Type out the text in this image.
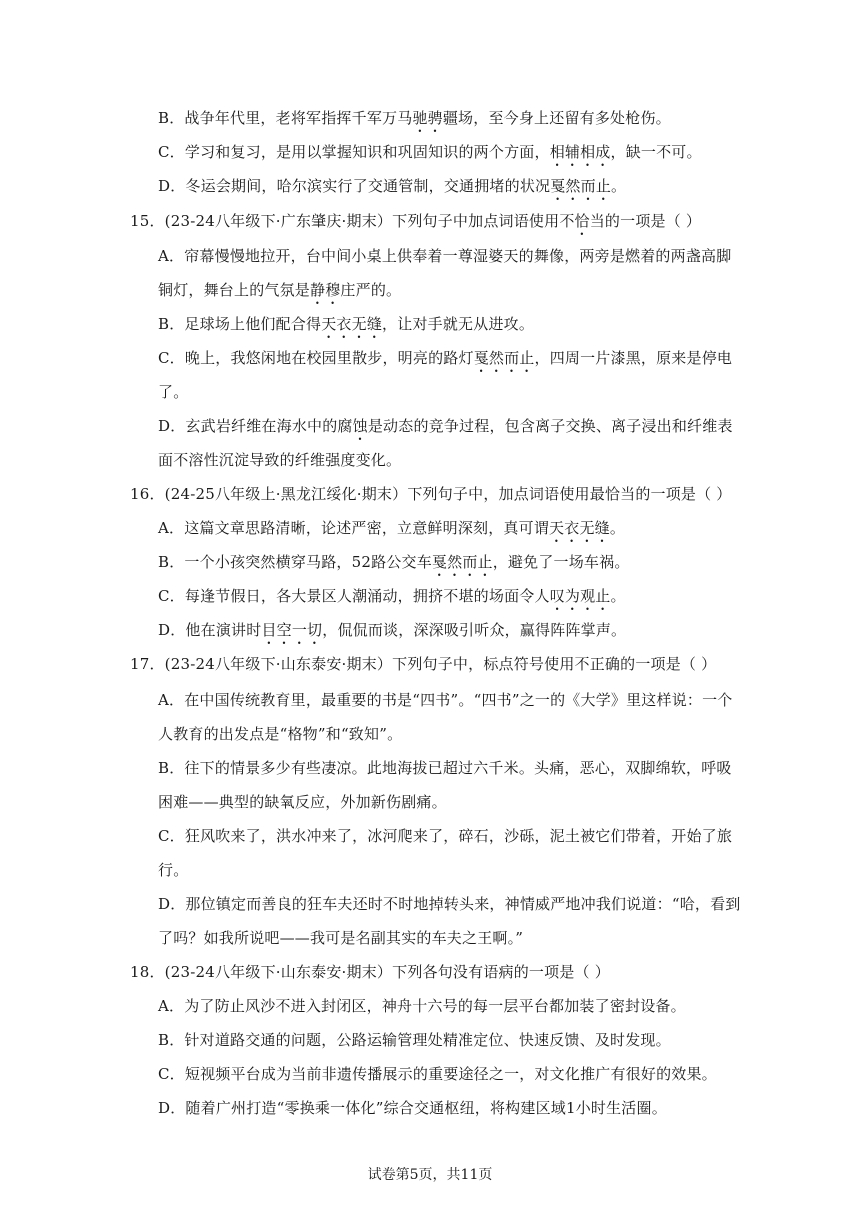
B．战争年代里，老将军指挥千军万马驰骋疆场，至今身上还留有多处枪伤。
C．学习和复习，是用以掌握知识和巩固知识的两个方面，相辅相成，缺一不可。
D．冬运会期间，哈尔滨实行了交通管制，交通拥堵的状况戛然而止。
15．(23-24八年级下·广东肇庆·期末）下列句子中加点词语使用不恰当的一项是（ ）
A．帘幕慢慢地拉开，台中间小桌上供奉着一尊湿婆天的舞像，两旁是燃着的两盏高脚
铜灯，舞台上的气氛是静穆庄严的。
B．足球场上他们配合得天衣无缝，让对手就无从进攻。
C．晚上，我悠闲地在校园里散步，明亮的路灯戛然而止，四周一片漆黑，原来是停电
了。
D．玄武岩纤维在海水中的腐蚀是动态的竞争过程，包含离子交换、离子浸出和纤维表
面不溶性沉淀导致的纤维强度变化。
16．(24-25八年级上·黑龙江绥化·期末）下列句子中，加点词语使用最恰当的一项是（ ）
A．这篇文章思路清晰，论述严密，立意鲜明深刻，真可谓天衣无缝。
B．一个小孩突然横穿马路，52路公交车戛然而止，避免了一场车祸。
C．每逢节假日，各大景区人潮涌动，拥挤不堪的场面令人叹为观止。
D．他在演讲时目空一切，侃侃而谈，深深吸引听众，赢得阵阵掌声。
17．(23-24八年级下·山东泰安·期末）下列句子中，标点符号使用不正确的一项是（ ）
A．在中国传统教育里，最重要的书是“四书”。“四书”之一的《大学》里这样说：一个
人教育的出发点是“格物”和“致知”。
B．往下的情景多少有些凄凉。此地海拔已超过六千米。头痛，恶心，双脚绵软，呼吸
困难——典型的缺氧反应，外加新伤剧痛。
C．狂风吹来了，洪水冲来了，冰河爬来了，碎石，沙砾，泥土被它们带着，开始了旅
行。
D．那位镇定而善良的狂车夫还时不时地掉转头来，神情威严地冲我们说道：“哈，看到
了吗？如我所说吧——我可是名副其实的车夫之王啊。”
18．(23-24八年级下·山东泰安·期末）下列各句没有语病的一项是（ ）
A．为了防止风沙不进入封闭区，神舟十六号的每一层平台都加装了密封设备。
B．针对道路交通的问题，公路运输管理处精准定位、快速反馈、及时发现。
C．短视频平台成为当前非遗传播展示的重要途径之一，对文化推广有很好的效果。
D．随着广州打造“零换乘一体化”综合交通枢纽，将构建区域1小时生活圈。
试卷第5页，共11页
